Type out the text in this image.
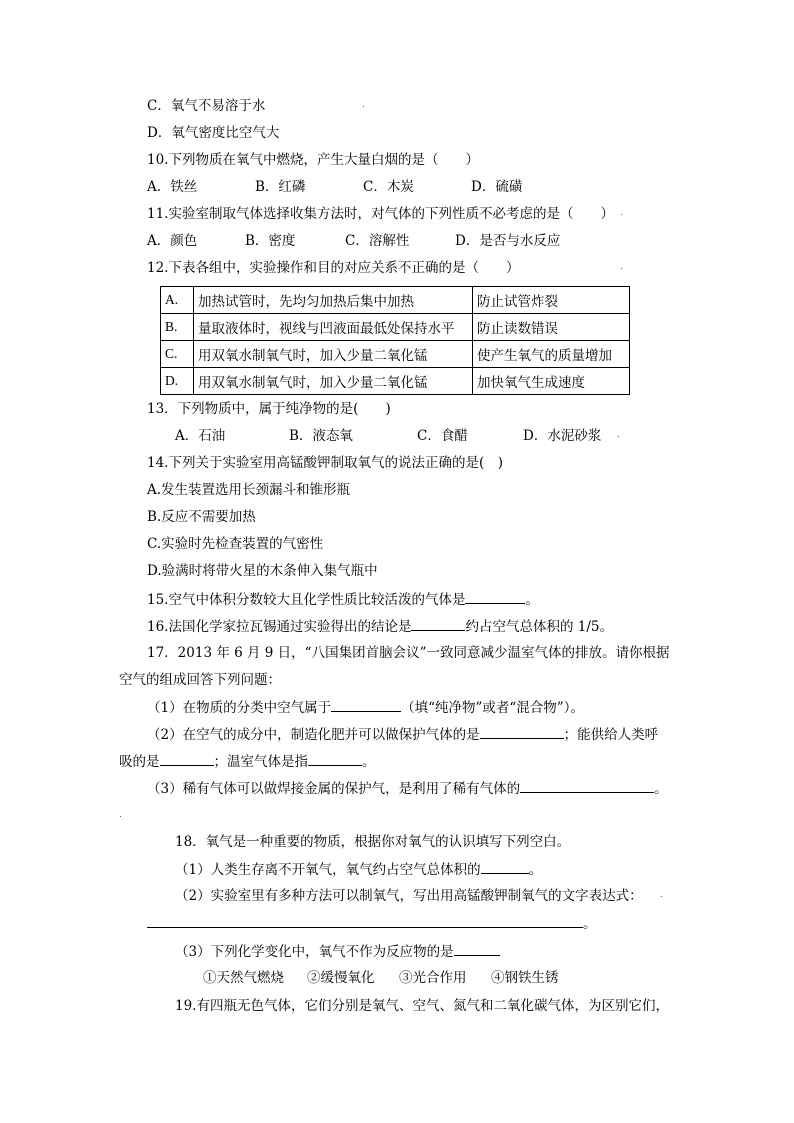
C．氧气不易溶于水
D．氧气密度比空气大
10.下列物质在氧气中燃烧，产生大量白烟的是（　　）
A．铁丝	B．红磷	C．木炭	D．硫磺
11.实验室制取气体选择收集方法时，对气体的下列性质不必考虑的是（　　）
A．颜色	B．密度	C．溶解性	D．是否与水反应
12.下表各组中，实验操作和目的对应关系不正确的是（　　）
A.	加热试管时，先均匀加热后集中加热	防止试管炸裂
B.	量取液体时，视线与凹液面最低处保持水平	防止读数错误
C.	用双氧水制氧气时，加入少量二氧化锰	使产生氧气的质量增加
D.	用双氧水制氧气时，加入少量二氧化锰	加快氧气生成速度
13．下列物质中，属于纯净物的是(　　)
A．石油	B．液态氧	C．食醋	D．水泥砂浆
14.下列关于实验室用高锰酸钾制取氧气的说法正确的是(　)
A.发生装置选用长颈漏斗和锥形瓶
B.反应不需要加热
C.实验时先检查装置的气密性
D.验满时将带火星的木条伸入集气瓶中
15.空气中体积分数较大且化学性质比较活泼的气体是	。
16.法国化学家拉瓦锡通过实验得出的结论是	约占空气总体积的 1/5。
17．2013 年 6 月 9 日，“八国集团首脑会议”一致同意减少温室气体的排放。请你根据
空气的组成回答下列问题：
（1）在物质的分类中空气属于	（填“纯净物”或者“混合物”）。
（2）在空气的成分中，制造化肥并可以做保护气体的是	；能供给人类呼
吸的是	；温室气体是指	。
（3）稀有气体可以做焊接金属的保护气，是利用了稀有气体的	。
18．氧气是一种重要的物质，根据你对氧气的认识填写下列空白。
（1）人类生存离不开氧气，氧气约占空气总体积的	。
（2）实验室里有多种方法可以制氧气，写出用高锰酸钾制氧气的文字表达式：
。
（3）下列化学变化中，氧气不作为反应物的是
①天然气燃烧 ②缓慢氧化 ③光合作用 ④钢铁生锈
19.有四瓶无色气体，它们分别是氧气、空气、氮气和二氧化碳气体，为区别它们，
.
.
.
.
.
.
